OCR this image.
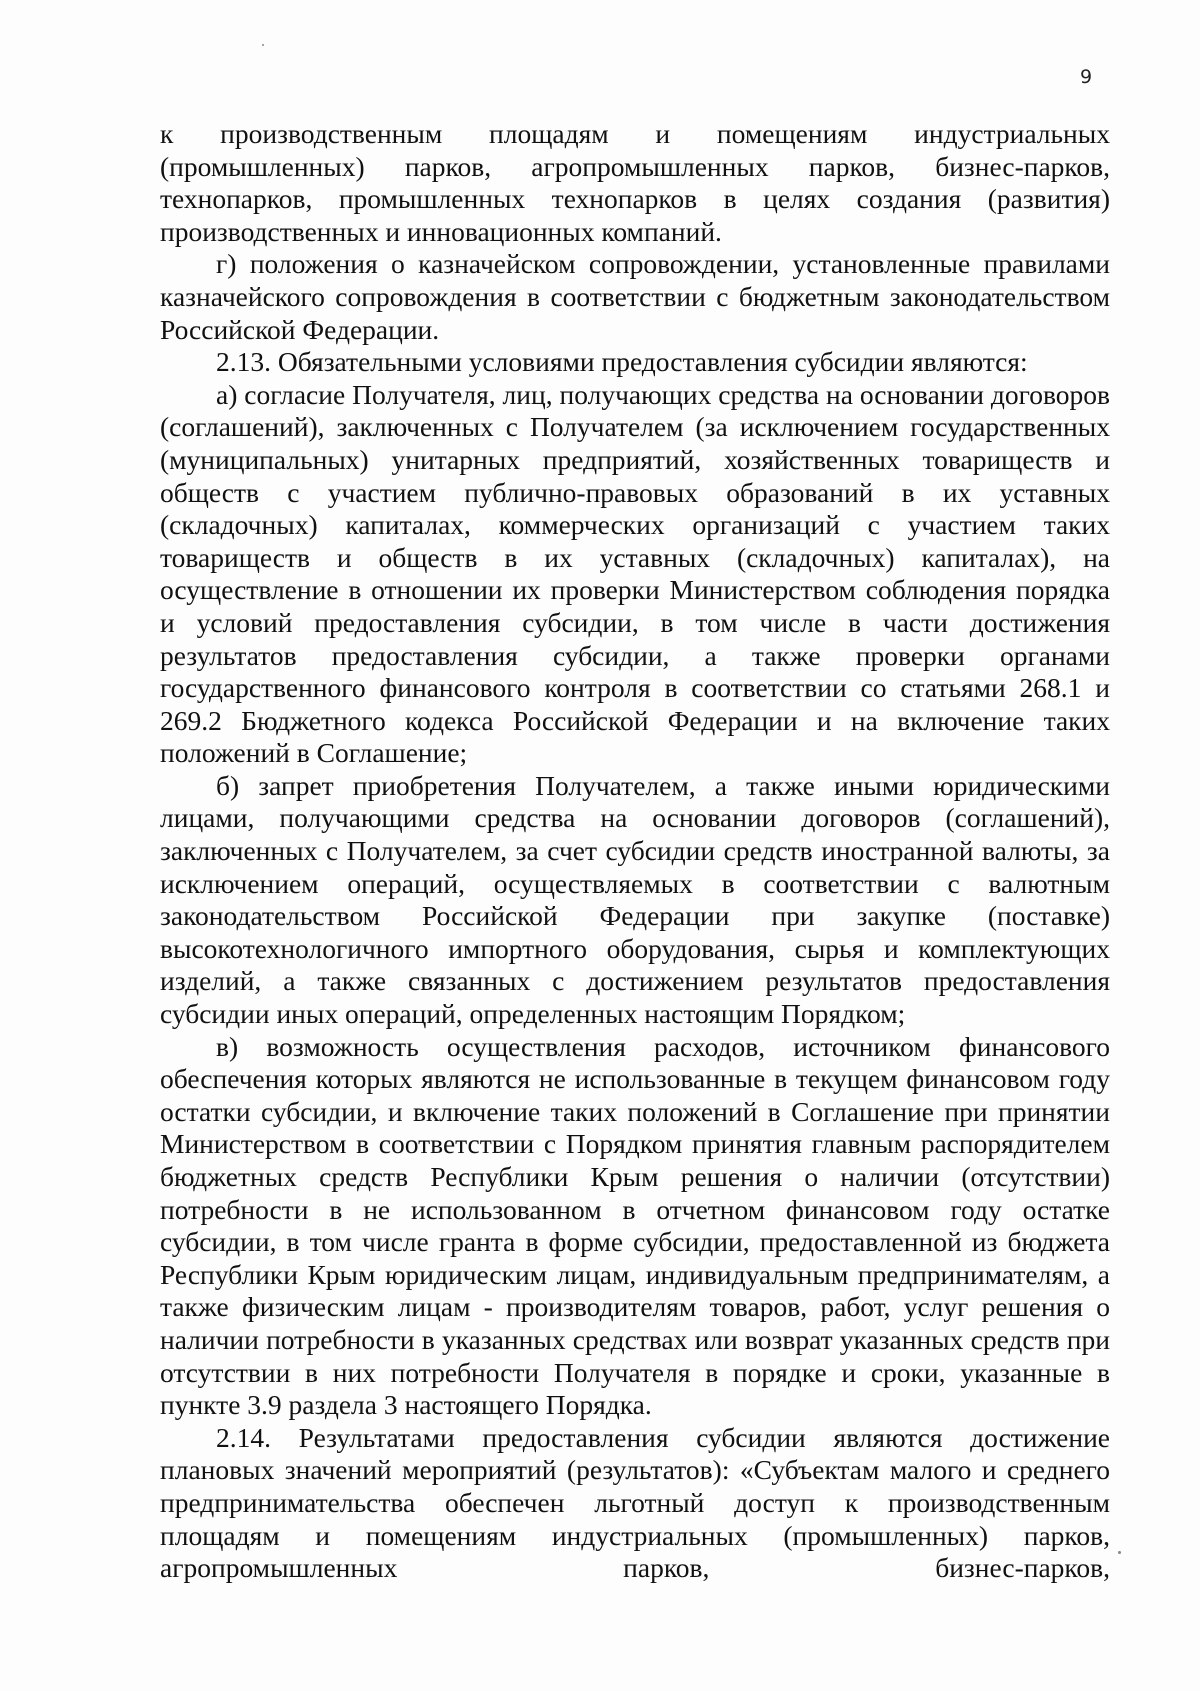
9

к производственным площадям и помещениям индустриальных (промышленных) парков, агропромышленных парков, бизнес-парков, технопарков, промышленных технопарков в целях создания (развития) производственных и инновационных компаний.

г) положения о казначейском сопровождении, установленные правилами казначейского сопровождения в соответствии с бюджетным законодательством Российской Федерации.

2.13. Обязательными условиями предоставления субсидии являются:

а) согласие Получателя, лиц, получающих средства на основании договоров (соглашений), заключенных с Получателем (за исключением государственных (муниципальных) унитарных предприятий, хозяйственных товариществ и обществ с участием публично-правовых образований в их уставных (складочных) капиталах, коммерческих организаций с участием таких товариществ и обществ в их уставных (складочных) капиталах), на осуществление в отношении их проверки Министерством соблюдения порядка и условий предоставления субсидии, в том числе в части достижения результатов предоставления субсидии, а также проверки органами государственного финансового контроля в соответствии со статьями 268.1 и 269.2 Бюджетного кодекса Российской Федерации и на включение таких положений в Соглашение;

б) запрет приобретения Получателем, а также иными юридическими лицами, получающими средства на основании договоров (соглашений), заключенных с Получателем, за счет субсидии средств иностранной валюты, за исключением операций, осуществляемых в соответствии с валютным законодательством Российской Федерации при закупке (поставке) высокотехнологичного импортного оборудования, сырья и комплектующих изделий, а также связанных с достижением результатов предоставления субсидии иных операций, определенных настоящим Порядком;

в) возможность осуществления расходов, источником финансового обеспечения которых являются не использованные в текущем финансовом году остатки субсидии, и включение таких положений в Соглашение при принятии Министерством в соответствии с Порядком принятия главным распорядителем бюджетных средств Республики Крым решения о наличии (отсутствии) потребности в не использованном в отчетном финансовом году остатке субсидии, в том числе гранта в форме субсидии, предоставленной из бюджета Республики Крым юридическим лицам, индивидуальным предпринимателям, а также физическим лицам - производителям товаров, работ, услуг решения о наличии потребности в указанных средствах или возврат указанных средств при отсутствии в них потребности Получателя в порядке и сроки, указанные в пункте 3.9 раздела 3 настоящего Порядка.

2.14. Результатами предоставления субсидии являются достижение плановых значений мероприятий (результатов): «Субъектам малого и среднего предпринимательства обеспечен льготный доступ к производственным площадям и помещениям индустриальных (промышленных) парков, агропромышленных парков, бизнес-парков,
